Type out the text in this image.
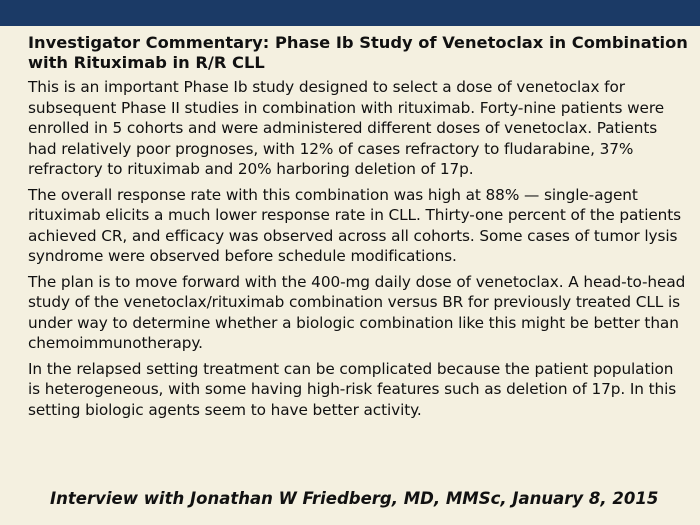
Investigator Commentary: Phase Ib Study of Venetoclax in Combination with Rituximab in R/R CLL

This is an important Phase Ib study designed to select a dose of venetoclax for subsequent Phase II studies in combination with rituximab. Forty-nine patients were enrolled in 5 cohorts and were administered different doses of venetoclax. Patients had relatively poor prognoses, with 12% of cases refractory to fludarabine, 37% refractory to rituximab and 20% harboring deletion of 17p.

The overall response rate with this combination was high at 88% — single-agent rituximab elicits a much lower response rate in CLL. Thirty-one percent of the patients achieved CR, and efficacy was observed across all cohorts. Some cases of tumor lysis syndrome were observed before schedule modifications.

The plan is to move forward with the 400-mg daily dose of venetoclax. A head-to-head study of the venetoclax/rituximab combination versus BR for previously treated CLL is under way to determine whether a biologic combination like this might be better than chemoimmunotherapy.

In the relapsed setting treatment can be complicated because the patient population is heterogeneous, with some having high-risk features such as deletion of 17p. In this setting biologic agents seem to have better activity.

Interview with Jonathan W Friedberg, MD, MMSc, January 8, 2015
